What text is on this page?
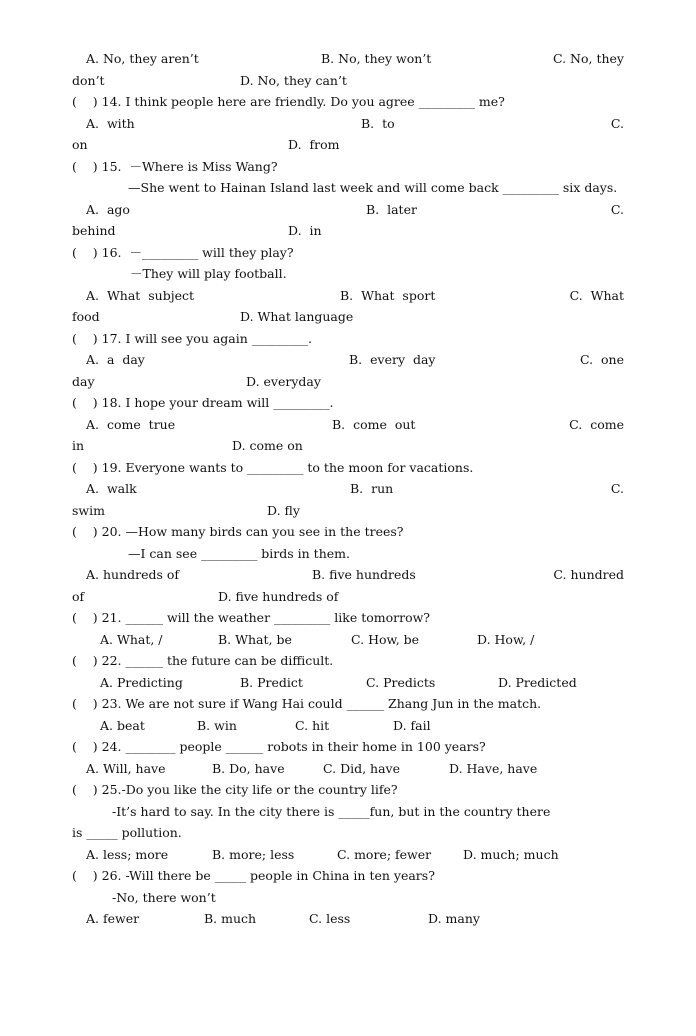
A. No, they aren’t

	B. No, they won’t

	C. No, they

don’t

	D. No, they can’t

(    ) 14. I think people here are friendly. Do you agree _________ me?

A.  with

	B.  to

	C.

on

	D.  from

(    ) 15.  －Where is Miss Wang?
—She went to Hainan Island last week and will come back _________ six days.

A.  ago

	B.  later

	C.

behind

	D.  in

(    ) 16.  －_________ will they play?
－They will play football.

A.  What  subject

	B.  What  sport

	C.  What

food

	D. What language

(    ) 17. I will see you again _________.

A.  a  day

	B.  every  day

	C.  one

day

	D. everyday

(    ) 18. I hope your dream will _________.

A.  come  true

	B.  come  out

	C.  come

in

	D. come on

(    ) 19. Everyone wants to _________ to the moon for vacations.

A.  walk

	B.  run

	C.

swim

	D. fly

(    ) 20. —How many birds can you see in the trees?
—I can see _________ birds in them.

A. hundreds of

	B. five hundreds

	C. hundred

of

	D. five hundreds of

(    ) 21. ______ will the weather _________ like tomorrow?

A. What, /

	B. What, be

	C. How, be

	D. How, /

(    ) 22. ______ the future can be difficult.

A. Predicting

	B. Predict

	C. Predicts

	D. Predicted

(    ) 23. We are not sure if Wang Hai could ______ Zhang Jun in the match.

A. beat

	B. win

	C. hit

	D. fail

(    ) 24. ________ people ______ robots in their home in 100 years?

A. Will, have

	B. Do, have

	C. Did, have

	D. Have, have

(    ) 25.-Do you like the city life or the country life?
-It’s hard to say. In the city there is _____fun, but in the country there
is _____ pollution.

A. less; more

	B. more; less

	C. more; fewer

	D. much; much

(    ) 26. -Will there be _____ people in China in ten years?
-No, there won’t

A. fewer

	B. much

	C. less

	D. many
